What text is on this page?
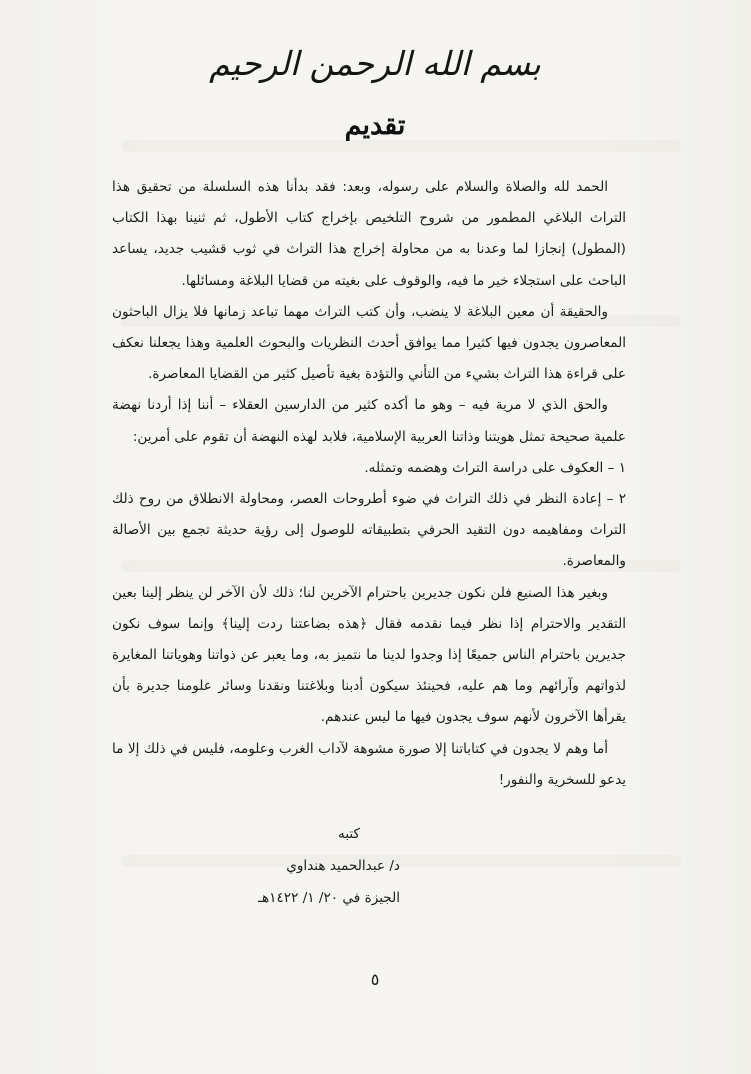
بسم الله الرحمن الرحيم
تقديم

الحمد لله والصلاة والسلام على رسوله، وبعد: فقد بدأنا هذه السلسلة من تحقيق هذا التراث البلاغي المطمور من شروح التلخيص بإخراج كتاب الأطول، ثم ثنينا بهذا الكتاب (المطول) إنجازا لما وعدنا به من محاولة إخراج هذا التراث في ثوب قشيب جديد، يساعد الباحث على استجلاء خير ما فيه، والوقوف على بغيته من قضايا البلاغة ومسائلها.

والحقيقة أن معين البلاغة لا ينضب، وأن كتب التراث مهما تباعد زمانها فلا يزال الباحثون المعاصرون يجدون فيها كثيرا مما يوافق أحدث النظريات والبحوث العلمية وهذا يجعلنا نعكف على قراءة هذا التراث بشيء من التأني والتؤدة بغية تأصيل كثير من القضايا المعاصرة.

والحق الذي لا مرية فيه – وهو ما أكده كثير من الدارسين العقلاء – أننا إذا أردنا نهضة علمية صحيحة تمثل هويتنا وذاتنا العربية الإسلامية، فلابد لهذه النهضة أن تقوم على أمرين:

١ – العكوف على دراسة التراث وهضمه وتمثله.

٢ – إعادة النظر في ذلك التراث في ضوء أطروحات العصر، ومحاولة الانطلاق من روح ذلك التراث ومفاهيمه دون التقيد الحرفي بتطبيقاته للوصول إلى رؤية حديثة تجمع بين الأصالة والمعاصرة.

وبغير هذا الصنيع فلن نكون جديرين باحترام الآخرين لنا؛ ذلك لأن الآخر لن ينظر إلينا بعين التقدير والاحترام إذا نظر فيما نقدمه فقال ﴿هذه بضاعتنا ردت إلينا﴾ وإنما سوف نكون جديرين باحترام الناس جميعًا إذا وجدوا لدينا ما نتميز به، وما يعبر عن ذواتنا وهوياتنا المغايرة لذواتهم وآرائهم وما هم عليه، فحينئذ سيكون أدبنا وبلاغتنا ونقدنا وسائر علومنا جديرة بأن يقرأها الآخرون لأنهم سوف يجدون فيها ما ليس عندهم.

أما وهم لا يجدون في كتاباتنا إلا صورة مشوهة لآداب الغرب وعلومه، فليس في ذلك إلا ما يدعو للسخرية والنفور!

كتبه
د/ عبدالحميد هنداوي
الجيزة في ٢٠/ ١/ ١٤٢٢هـ
٥
